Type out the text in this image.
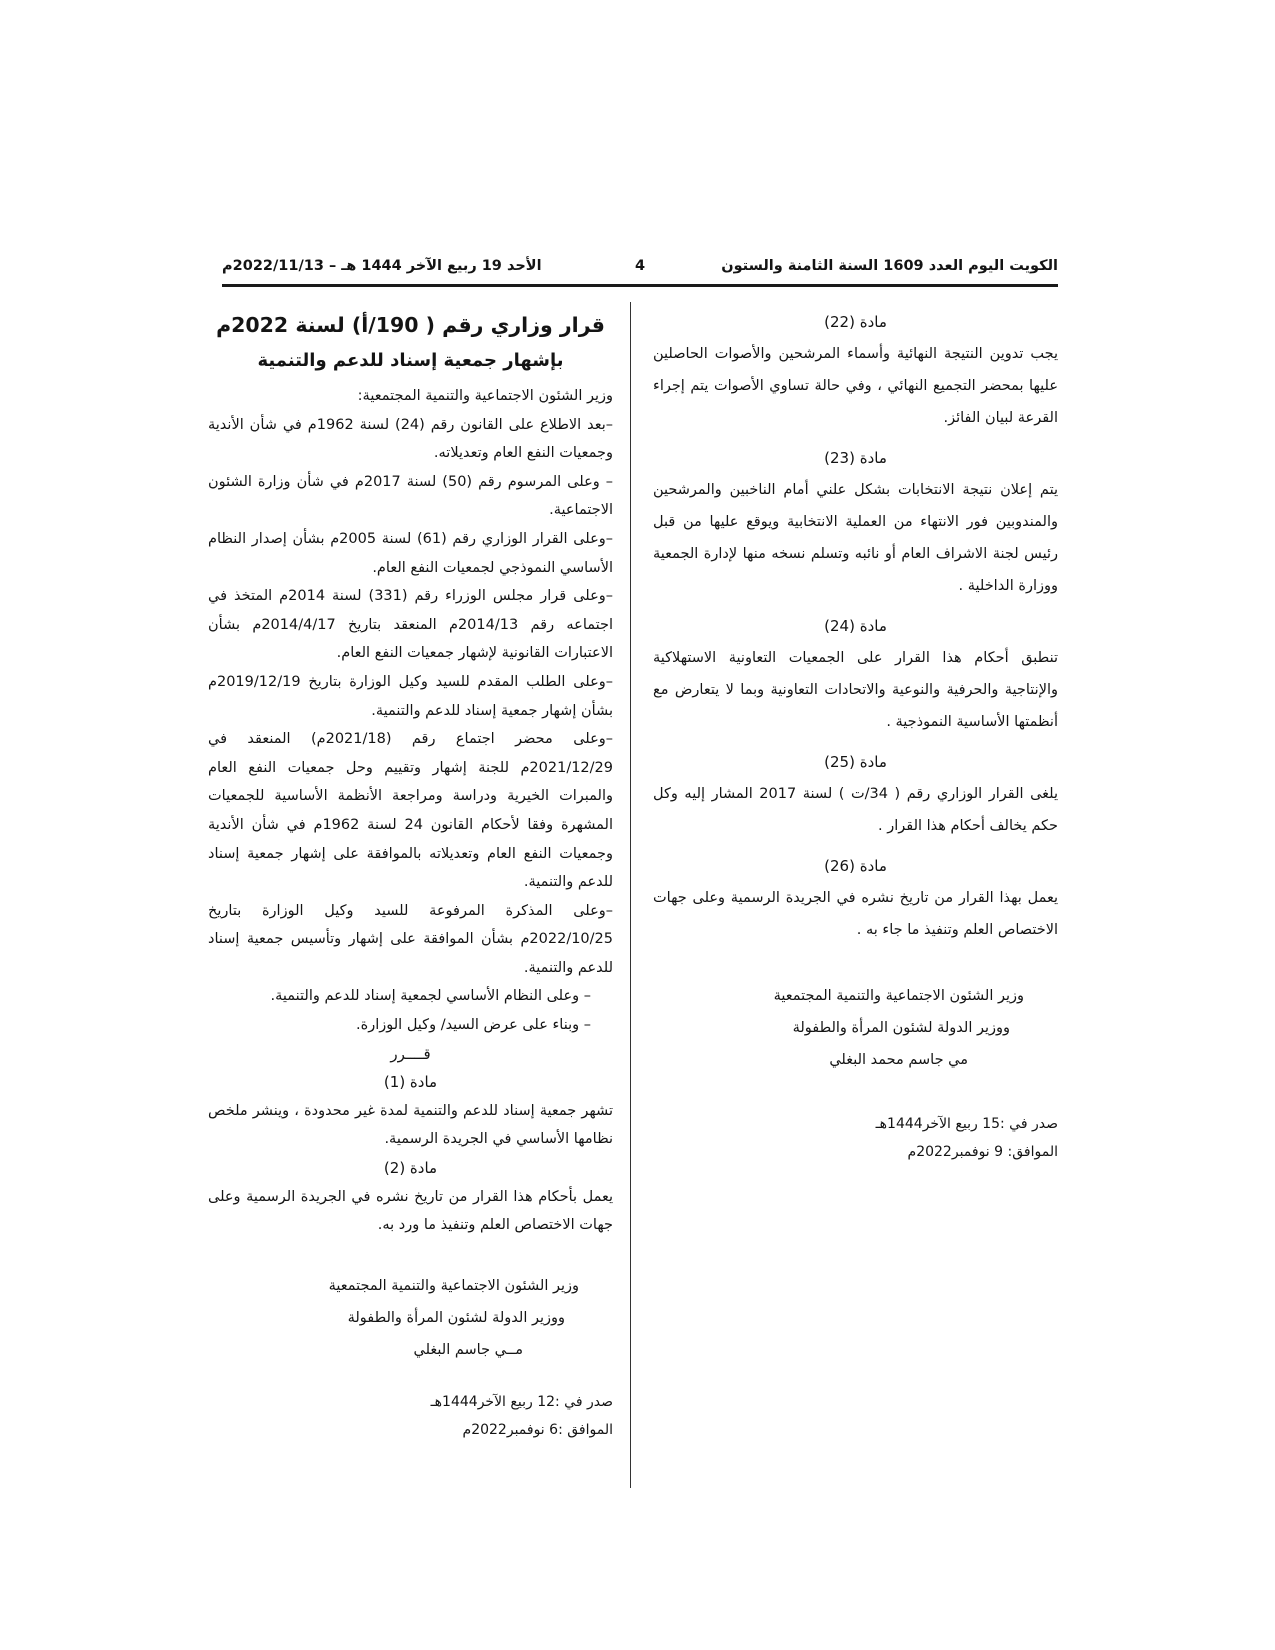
الكويت اليوم العدد 1609 السنة الثامنة والستون
4
الأحد 19 ربيع الآخر 1444 هـ – 2022/11/13م

مادة (22)

يجب تدوين النتيجة النهائية وأسماء المرشحين والأصوات الحاصلين عليها بمحضر التجميع النهائي ، وفي حالة تساوي الأصوات يتم إجراء القرعة لبيان الفائز.

مادة (23)

يتم إعلان نتيجة الانتخابات بشكل علني أمام الناخبين والمرشحين والمندوبين فور الانتهاء من العملية الانتخابية ويوقع عليها من قبل رئيس لجنة الاشراف العام أو نائبه وتسلم نسخه منها لإدارة الجمعية ووزارة الداخلية .

مادة (24)

تنطبق أحكام هذا القرار على الجمعيات التعاونية الاستهلاكية والإنتاجية والحرفية والنوعية والاتحادات التعاونية وبما لا يتعارض مع أنظمتها الأساسية النموذجية .

مادة (25)

يلغى القرار الوزاري رقم ( 34/ت ) لسنة 2017 المشار إليه وكل حكم يخالف أحكام هذا القرار .

مادة (26)

يعمل بهذا القرار من تاريخ نشره في الجريدة الرسمية وعلى جهات الاختصاص العلم وتنفيذ ما جاء به .

وزير الشئون الاجتماعية والتنمية المجتمعية

ووزير الدولة لشئون المرأة والطفولة

مي جاسم محمد البغلي

صدر في :15 ربيع الآخر1444هـ

الموافق: 9 نوفمبر2022م

قرار وزاري رقم ( 190/أ) لسنة 2022م

بإشهار جمعية إسناد للدعم والتنمية

وزير الشئون الاجتماعية والتنمية المجتمعية:

–بعد الاطلاع على القانون رقم (24) لسنة 1962م في شأن الأندية وجمعيات النفع العام وتعديلاته.

– وعلى المرسوم رقم (50) لسنة 2017م في شأن وزارة الشئون الاجتماعية.

–وعلى القرار الوزاري رقم (61) لسنة 2005م بشأن إصدار النظام الأساسي النموذجي لجمعيات النفع العام.

–وعلى قرار مجلس الوزراء رقم (331) لسنة 2014م المتخذ في اجتماعه رقم 2014/13م المنعقد بتاريخ 2014/4/17م بشأن الاعتبارات القانونية لإشهار جمعيات النفع العام.

–وعلى الطلب المقدم للسيد وكيل الوزارة بتاريخ 2019/12/19م بشأن إشهار جمعية إسناد للدعم والتنمية.

–وعلى محضر اجتماع رقم (2021/18م) المنعقد في 2021/12/29م للجنة إشهار وتقييم وحل جمعيات النفع العام والمبرات الخيرية ودراسة ومراجعة الأنظمة الأساسية للجمعيات المشهرة وفقا لأحكام القانون 24 لسنة 1962م في شأن الأندية وجمعيات النفع العام وتعديلاته بالموافقة على إشهار جمعية إسناد للدعم والتنمية.

–وعلى المذكرة المرفوعة للسيد وكيل الوزارة بتاريخ 2022/10/25م بشأن الموافقة على إشهار وتأسيس جمعية إسناد للدعم والتنمية.

– وعلى النظام الأساسي لجمعية إسناد للدعم والتنمية.

– وبناء على عرض السيد/ وكيل الوزارة.

قــــرر

مادة (1)

تشهر جمعية إسناد للدعم والتنمية لمدة غير محدودة ، وينشر ملخص نظامها الأساسي في الجريدة الرسمية.

مادة (2)

يعمل بأحكام هذا القرار من تاريخ نشره في الجريدة الرسمية وعلى جهات الاختصاص العلم وتنفيذ ما ورد به.

وزير الشئون الاجتماعية والتنمية المجتمعية

ووزير الدولة لشئون المرأة والطفولة

مــي جاسم البغلي

صدر في :12 ربيع الآخر1444هـ

الموافق :6 نوفمبر2022م
